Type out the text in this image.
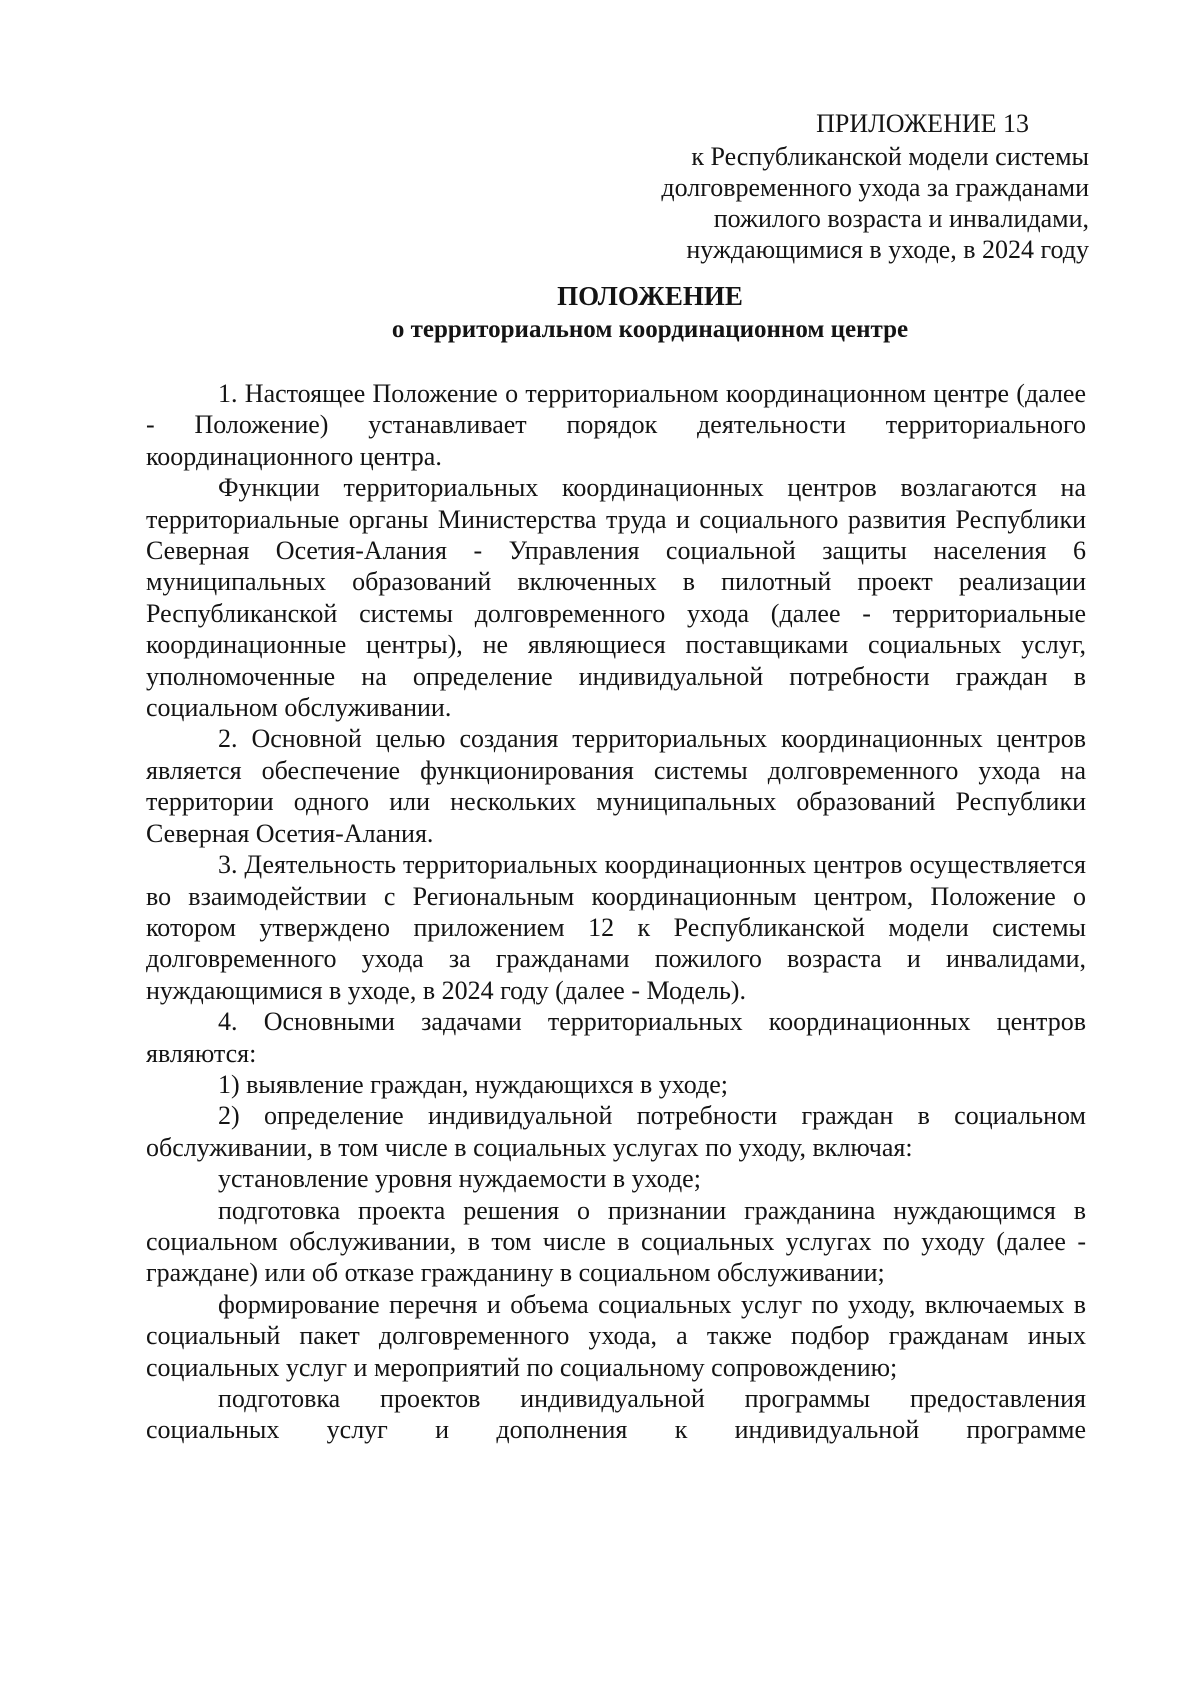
ПРИЛОЖЕНИЕ 13
к Республиканской модели системы
долговременного ухода за гражданами
пожилого возраста и инвалидами,
нуждающимися в уходе, в 2024 году
ПОЛОЖЕНИЕ
о территориальном координационном центре

1. Настоящее Положение о территориальном координационном центре (далее - Положение) устанавливает порядок деятельности территориального координационного центра.

Функции территориальных координационных центров возлагаются на территориальные органы Министерства труда и социального развития Республики Северная Осетия-Алания - Управления социальной защиты населения 6 муниципальных образований включенных в пилотный проект реализации Республиканской системы долговременного ухода (далее - территориальные координационные центры), не являющиеся поставщиками социальных услуг, уполномоченные на определение индивидуальной потребности граждан в социальном обслуживании.

2. Основной целью создания территориальных координационных центров является обеспечение функционирования системы долговременного ухода на территории одного или нескольких муниципальных образований Республики Северная Осетия-Алания.

3. Деятельность территориальных координационных центров осуществляется во взаимодействии с Региональным координационным центром, Положение о котором утверждено приложением 12 к Республиканской модели системы долговременного ухода за гражданами пожилого возраста и инвалидами, нуждающимися в уходе, в 2024 году (далее - Модель).

4. Основными задачами территориальных координационных центров являются:

1) выявление граждан, нуждающихся в уходе;

2) определение индивидуальной потребности граждан в социальном обслуживании, в том числе в социальных услугах по уходу, включая:

установление уровня нуждаемости в уходе;

подготовка проекта решения о признании гражданина нуждающимся в социальном обслуживании, в том числе в социальных услугах по уходу (далее - граждане) или об отказе гражданину в социальном обслуживании;

формирование перечня и объема социальных услуг по уходу, включаемых в социальный пакет долговременного ухода, а также подбор гражданам иных социальных услуг и мероприятий по социальному сопровождению;

подготовка проектов индивидуальной программы предоставления социальных услуг и дополнения к индивидуальной программе
